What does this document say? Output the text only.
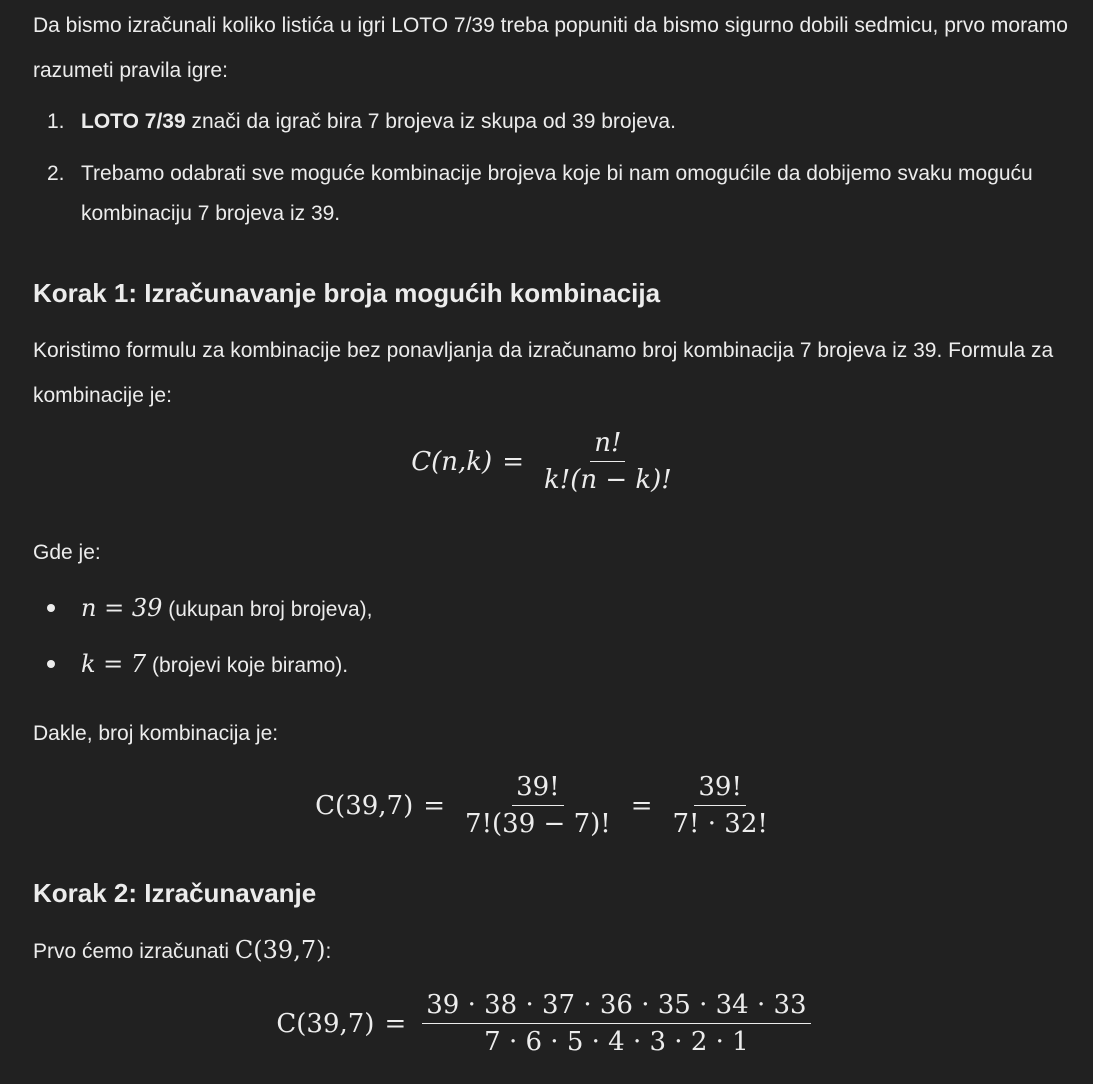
Da bismo izračunali koliko listića u igri LOTO 7/39 treba popuniti da bismo sigurno dobili sedmicu, prvo moramo razumeti pravila igre:

1. LOTO 7/39 znači da igrač bira 7 brojeva iz skupa od 39 brojeva.
2. Trebamo odabrati sve moguće kombinacije brojeva koje bi nam omogućile da dobijemo svaku moguću kombinaciju 7 brojeva iz 39.
Korak 1: Izračunavanje broja mogućih kombinacija

Koristimo formulu za kombinacije bez ponavljanja da izračunamo broj kombinacija 7 brojeva iz 39. Formula za kombinacije je:

$C(n,k) = \frac{n!}{k!(n - k)!}$

Gde je:

n = 39 (ukupan broj brojeva),
k = 7 (brojevi koje biramo).

Dakle, broj kombinacija je:

$C(39,7) = \frac{39!}{7!(39 - 7)!} = \frac{39!}{7! \cdot 32!}$
Korak 2: Izračunavanje

Prvo ćemo izračunati C(39,7):

$C(39,7) = \frac{39 \cdot 38 \cdot 37 \cdot 36 \cdot 35 \cdot 34 \cdot 33}{7 \cdot 6 \cdot 5 \cdot 4 \cdot 3 \cdot 2 \cdot 1}$
